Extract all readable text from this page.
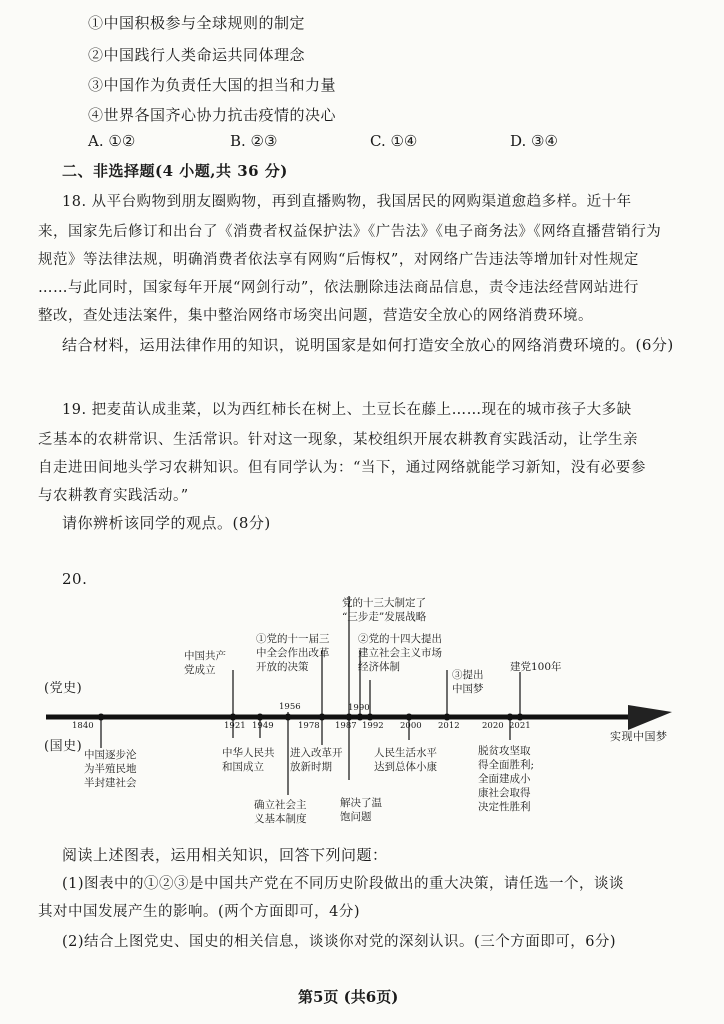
①中国积极参与全球规则的制定
②中国践行人类命运共同体理念
③中国作为负责任大国的担当和力量
④世界各国齐心协力抗击疫情的决心
A. ①②	B. ②③	C. ①④	D. ③④
二、非选择题(4 小题,共 36 分)
18. 从平台购物到朋友圈购物，再到直播购物，我国居民的网购渠道愈趋多样。近十年
来，国家先后修订和出台了《消费者权益保护法》《广告法》《电子商务法》《网络直播营销行为
规范》等法律法规，明确消费者依法享有网购“后悔权”，对网络广告违法等增加针对性规定
……与此同时，国家每年开展“网剑行动”，依法删除违法商品信息，责令违法经营网站进行
整改，查处违法案件，集中整治网络市场突出问题，营造安全放心的网络消费环境。
结合材料，运用法律作用的知识，说明国家是如何打造安全放心的网络消费环境的。(6分)
19. 把麦苗认成韭菜，以为西红柿长在树上、土豆长在藤上……现在的城市孩子大多缺
乏基本的农耕常识、生活常识。针对这一现象，某校组织开展农耕教育实践活动，让学生亲
自走进田间地头学习农耕知识。但有同学认为：“当下，通过网络就能学习新知，没有必要参
与农耕教育实践活动。”
请你辨析该同学的观点。(8分)
20.
(党史)
(国史)
实现中国梦
1840	1921 1949
1956
1978 1987
1990
1992 2000 2012	2020 2021
中国共产
党成立
①党的十一届三
中全会作出改革
开放的决策
党的十三大制定了
“三步走”发展战略
②党的十四大提出
建立社会主义市场
经济体制
③提出
中国梦
建党100年
中国逐步沦
为半殖民地
半封建社会
中华人民共
和国成立
确立社会主
义基本制度
进入改革开
放新时期
解决了温
饱问题
人民生活水平
达到总体小康
脱贫攻坚取
得全面胜利;
全面建成小
康社会取得
决定性胜利
阅读上述图表，运用相关知识，回答下列问题：
(1)图表中的①②③是中国共产党在不同历史阶段做出的重大决策，请任选一个，谈谈
其对中国发展产生的影响。(两个方面即可，4分)
(2)结合上图党史、国史的相关信息，谈谈你对党的深刻认识。(三个方面即可，6分)
第5页 (共6页)
